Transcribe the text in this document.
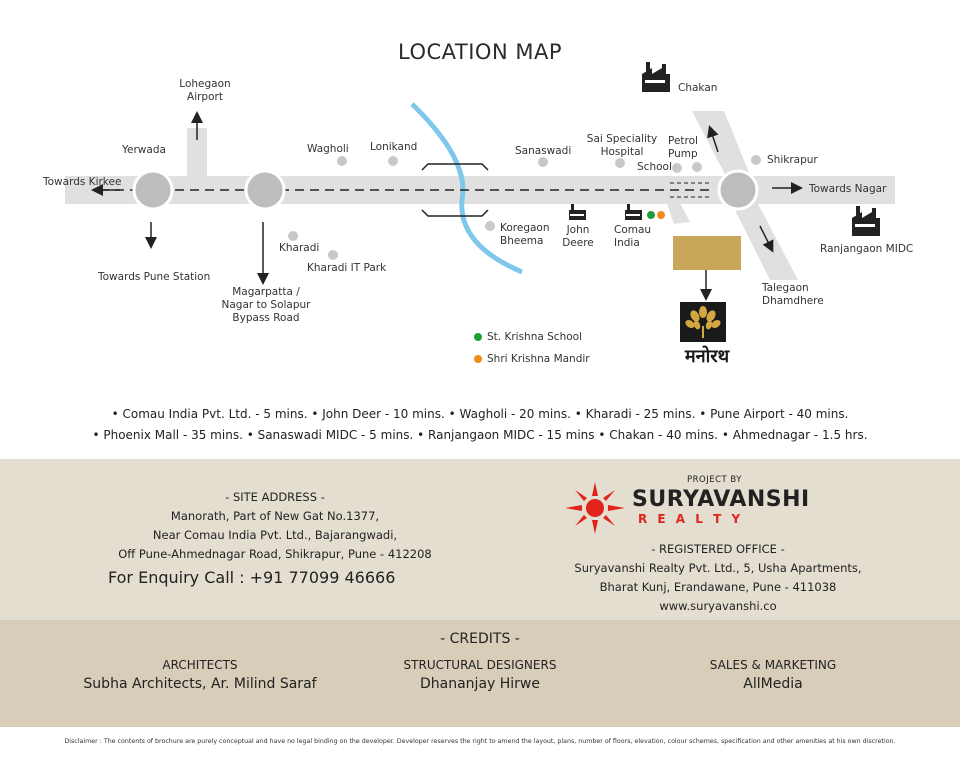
LOCATION MAP
Lohegaon
Airport
Yerwada
Towards Kirkee
Towards Pune Station
Wagholi Lonikand
Kharadi
Kharadi IT Park
Magarpatta /
Nagar to Solapur
Bypass Road
Sanaswadi
Koregaon
Bheema
John
Deere
Comau
India
Sai Speciality
Hospital
School
Petrol
Pump
Chakan
Shikrapur
Towards Nagar
Ranjangaon MIDC
Talegaon
Dhamdhere
St. Krishna School
Shri Krishna Mandir	मनोरथ
• Comau India Pvt. Ltd. - 5 mins. • John Deer - 10 mins. • Wagholi - 20 mins. • Kharadi - 25 mins. • Pune Airport - 40 mins.
• Phoenix Mall - 35 mins. • Sanaswadi MIDC - 5 mins. • Ranjangaon MIDC - 15 mins • Chakan - 40 mins. • Ahmednagar - 1.5 hrs.
- SITE ADDRESS -
Manorath, Part of New Gat No.1377,
Near Comau India Pvt. Ltd., Bajarangwadi,
Off Pune-Ahmednagar Road, Shikrapur, Pune - 412208
For Enquiry Call : +91 77099 46666
PROJECT BY
SURYAVANSHI
R E A L T Y
- REGISTERED OFFICE -
Suryavanshi Realty Pvt. Ltd., 5, Usha Apartments,
Bharat Kunj, Erandawane, Pune - 411038
www.suryavanshi.co
- CREDITS -
ARCHITECTS
Subha Architects, Ar. Milind Saraf
STRUCTURAL DESIGNERS
Dhananjay Hirwe
SALES & MARKETING
AllMedia
Disclaimer : The contents of brochure are purely conceptual and have no legal binding on the developer. Developer reserves the right to amend the layout, plans, number of floors, elevation, colour schemes, specification and other amenities at his own discretion.
